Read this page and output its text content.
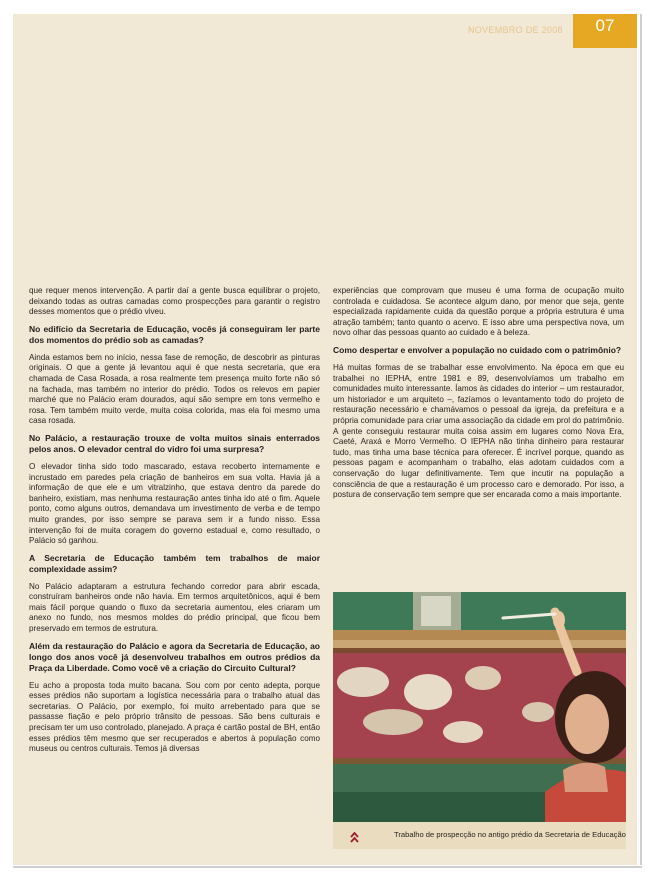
NOVEMBRO DE 2008	07

que requer menos intervenção. A partir daí a gente busca equilibrar o projeto, deixando todas as outras camadas como prospecções para garantir o registro desses momentos que o prédio viveu.

No edifício da Secretaria de Educação, vocês já conseguiram ler parte dos momentos do prédio sob as camadas?

Ainda estamos bem no início, nessa fase de remoção, de descobrir as pinturas originais. O que a gente já levantou aqui é que nesta secretaria, que era chamada de Casa Rosada, a rosa realmente tem presença muito forte não só na fachada, mas também no interior do prédio. Todos os relevos em papier marché que no Palácio eram dourados, aqui são sempre em tons vermelho e rosa. Tem também muito verde, muita coisa colorida, mas ela foi mesmo uma casa rosada.

No Palácio, a restauração trouxe de volta muitos sinais enterrados pelos anos. O elevador central do vidro foi uma surpresa?

O elevador tinha sido todo mascarado, estava recoberto internamente e incrustado em paredes pela criação de banheiros em sua volta. Havia já a informação de que ele e um vitralzinho, que estava dentro da parede do banheiro, existiam, mas nenhuma restauração antes tinha ido até o fim. Aquele ponto, como alguns outros, demandava um investimento de verba e de tempo muito grandes, por isso sempre se parava sem ir a fundo nisso. Essa intervenção foi de muita coragem do governo estadual e, como resultado, o Palácio só ganhou.

A Secretaria de Educação também tem trabalhos de maior complexidade assim?

No Palácio adaptaram a estrutura fechando corredor para abrir escada, construíram banheiros onde não havia. Em termos arquitetônicos, aqui é bem mais fácil porque quando o fluxo da secretaria aumentou, eles criaram um anexo no fundo, nos mesmos moldes do prédio principal, que ficou bem preservado em termos de estrutura.

Além da restauração do Palácio e agora da Secretaria de Educação, ao longo dos anos você já desenvolveu trabalhos em outros prédios da Praça da Liberdade. Como você vê a criação do Circuito Cultural?

Eu acho a proposta toda muito bacana. Sou com por cento adepta, porque esses prédios não suportam a logística necessária para o trabalho atual das secretarias. O Palácio, por exemplo, foi muito arrebentado para que se passasse fiação e pelo próprio trânsito de pessoas. São bens culturais e precisam ter um uso controlado, planejado. A praça é cartão postal de BH, então esses prédios têm mesmo que ser recuperados e abertos à população como museus ou centros culturais. Temos já diversas

experiências que comprovam que museu é uma forma de ocupação muito controlada e cuidadosa. Se acontece algum dano, por menor que seja, gente especializada rapidamente cuida da questão porque a própria estrutura é uma atração também; tanto quanto o acervo. E isso abre uma perspectiva nova, um novo olhar das pessoas quanto ao cuidado e à beleza.

Como despertar e envolver a população no cuidado com o patrimônio?

Há muitas formas de se trabalhar esse envolvimento. Na época em que eu trabalhei no IEPHA, entre 1981 e 89, desenvolvíamos um trabalho em comunidades muito interessante. Íamos às cidades do interior – um restaurador, um historiador e um arquiteto –, fazíamos o levantamento todo do projeto de restauração necessário e chamávamos o pessoal da igreja, da prefeitura e a própria comunidade para criar uma associação da cidade em prol do patrimônio. A gente conseguiu restaurar muita coisa assim em lugares como Nova Era, Caeté, Araxá e Morro Vermelho. O IEPHA não tinha dinheiro para restaurar tudo, mas tinha uma base técnica para oferecer. É incrível porque, quando as pessoas pagam e acompanham o trabalho, elas adotam cuidados com a conservação do lugar definitivamente. Tem que incutir na população a consciência de que a restauração é um processo caro e demorado. Por isso, a postura de conservação tem sempre que ser encarada como a mais importante.

Trabalho de prospecção no antigo prédio da Secretaria de Educação
